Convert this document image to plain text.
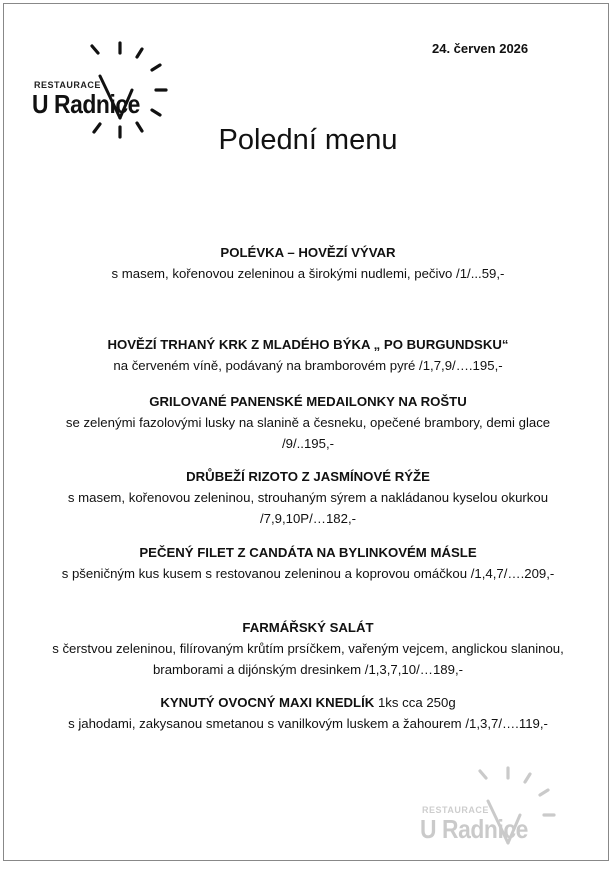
RESTAURACE
U Radnice
24. červen 2026
Polední menu
POLÉVKA – HOVĚZÍ VÝVAR
s masem, kořenovou zeleninou a širokými nudlemi, pečivo /1/...59,-
HOVĚZÍ TRHANÝ KRK Z MLADÉHO BÝKA „ PO BURGUNDSKU“
na červeném víně, podávaný na bramborovém pyré /1,7,9/….195,-
GRILOVANÉ PANENSKÉ MEDAILONKY NA ROŠTU
se zelenými fazolovými lusky na slanině a česneku, opečené brambory, demi glace /9/..195,-
DRŮBEŽÍ RIZOTO Z JASMÍNOVÉ RÝŽE
s masem, kořenovou zeleninou, strouhaným sýrem a nakládanou kyselou okurkou /7,9,10P/…182,-
PEČENÝ FILET Z CANDÁTA NA BYLINKOVÉM MÁSLE
s pšeničným kus kusem s restovanou zeleninou a koprovou omáčkou /1,4,7/….209,-
FARMÁŘSKÝ SALÁT
s čerstvou zeleninou, filírovaným krůtím prsíčkem, vařeným vejcem, anglickou slaninou, bramborami a dijónským dresinkem /1,3,7,10/…189,-
KYNUTÝ OVOCNÝ MAXI KNEDLÍK 1ks cca 250g
s jahodami, zakysanou smetanou s vanilkovým luskem a žahourem /1,3,7/….119,-
RESTAURACE
U Radnice
